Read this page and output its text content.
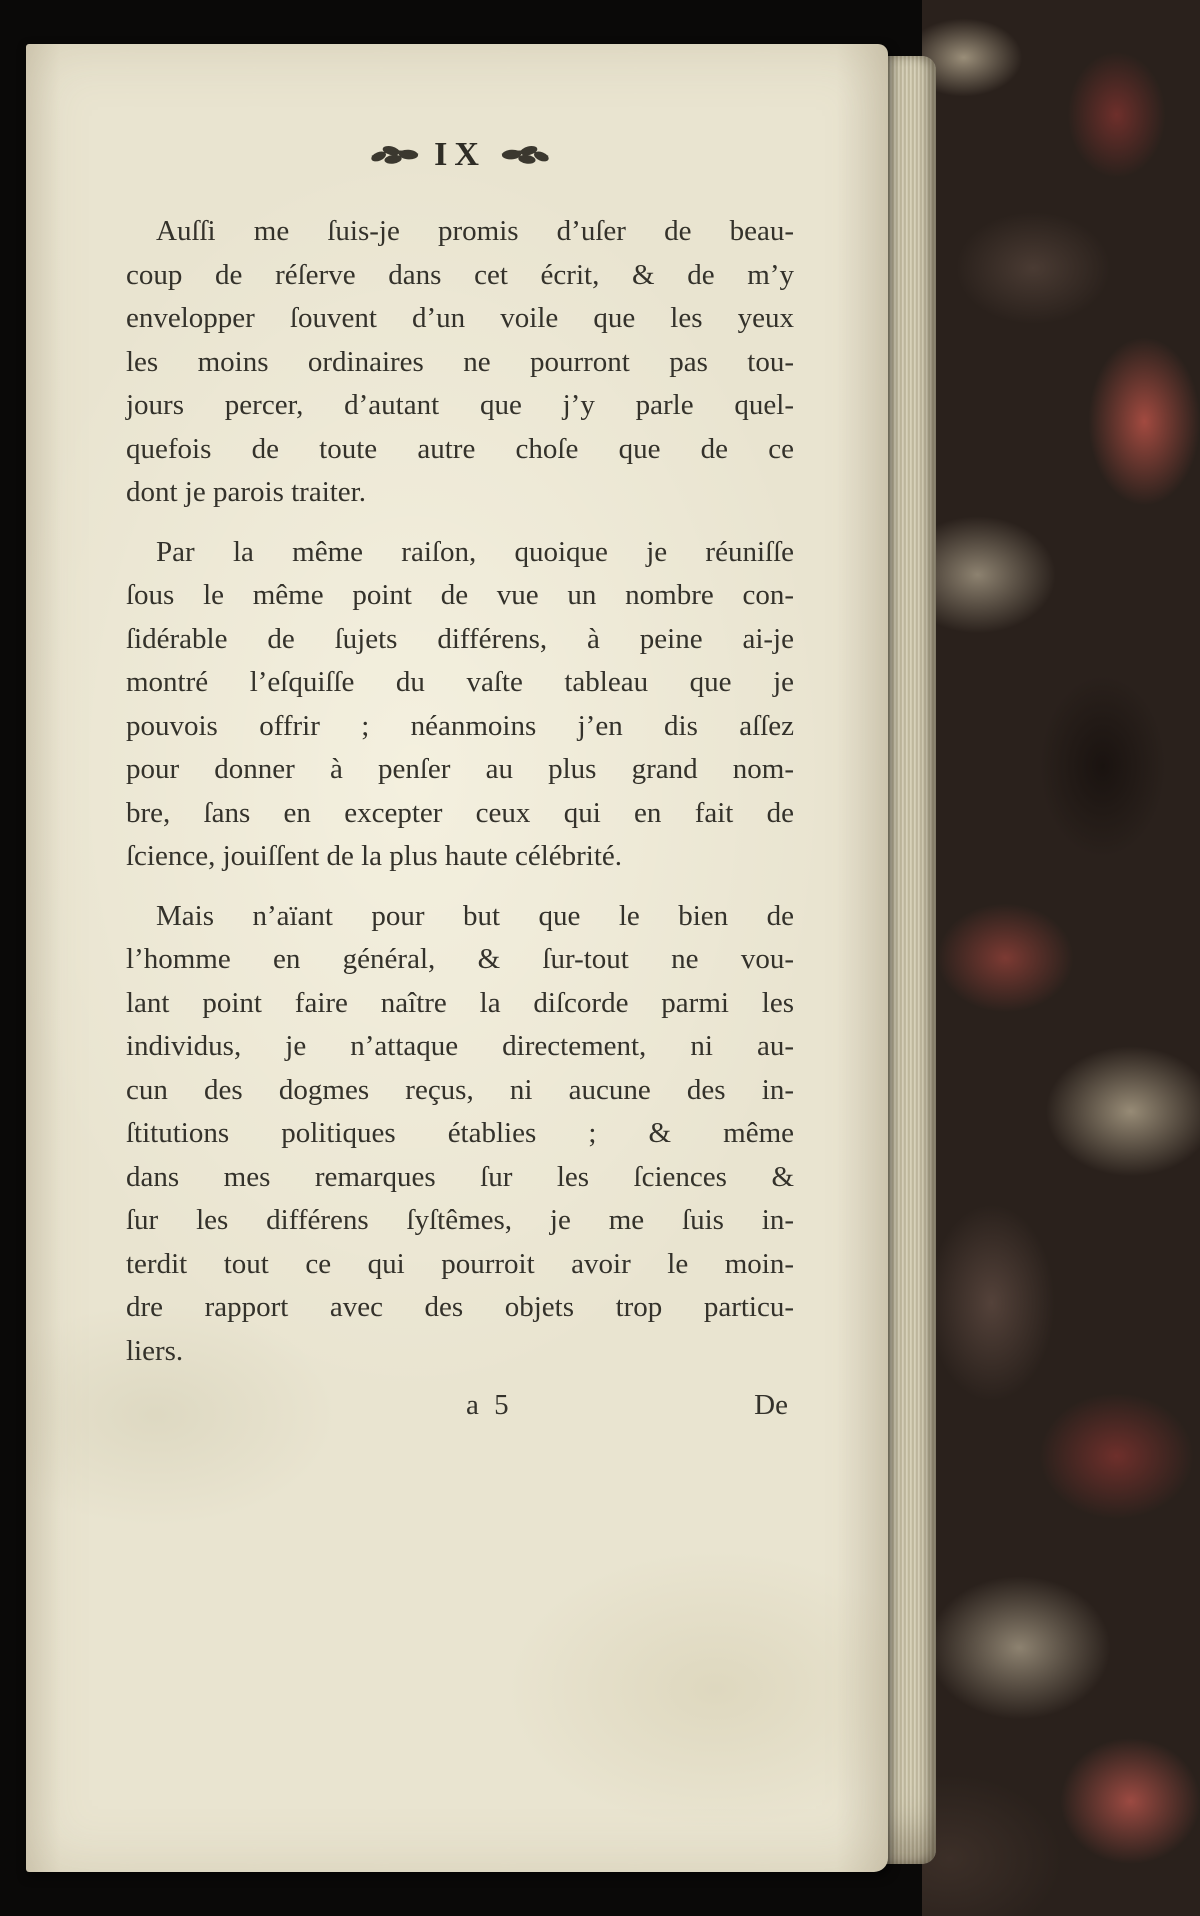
IX
Auſſi me ſuis-je promis d’uſer de beau-
coup de réſerve dans cet écrit, & de m’y
envelopper ſouvent d’un voile que les yeux
les moins ordinaires ne pourront pas tou-
jours percer, d’autant que j’y parle quel-
quefois de toute autre choſe que de ce
dont je parois traiter.
Par la même raiſon, quoique je réuniſſe
ſous le même point de vue un nombre con-
ſidérable de ſujets différens, à peine ai-je
montré l’eſquiſſe du vaſte tableau que je
pouvois offrir ; néanmoins j’en dis aſſez
pour donner à penſer au plus grand nom-
bre, ſans en excepter ceux qui en fait de
ſcience, jouiſſent de la plus haute célébrité.
Mais n’aïant pour but que le bien de
l’homme en général, & ſur-tout ne vou-
lant point faire naître la diſcorde parmi les
individus, je n’attaque directement, ni au-
cun des dogmes reçus, ni aucune des in-
ſtitutions politiques établies ; & même
dans mes remarques ſur les ſciences &
ſur les différens ſyſtêmes, je me ſuis in-
terdit tout ce qui pourroit avoir le moin-
dre rapport avec des objets trop particu-
liers.
a 5	De
